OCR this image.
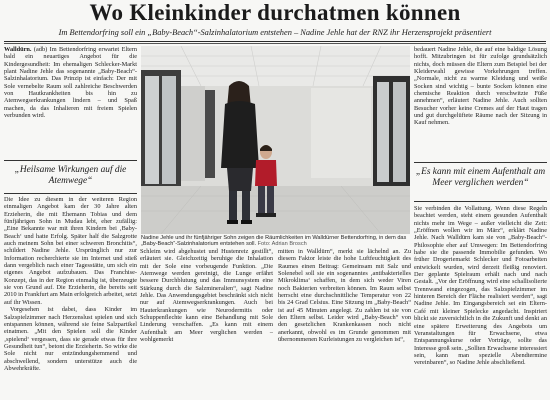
Wo Kleinkinder durchatmen können
Im Bettendorfring soll ein „Baby-Beach“-Salzinhalatorium entstehen – Nadine Jehle hat der RNZ ihr Herzensprojekt präsentiert

Walldürn. (adb) Im Bettendorfring erwartet Eltern bald ein neuartiges Angebot für die Kindergesundheit: Im ehemaligen Schlecker-Markt plant Nadine Jehle das sogenannte „Baby-Beach“-Salzinhalatorium. Das Prinzip ist einfach: Der mit Sole vernebelte Raum soll zahlreiche Beschwerden von Hautkrankheiten bis hin zu Atemwegserkrankungen lindern – und Spaß machen, da das Inhalieren mit freiem Spielen verbunden wird.

„Heilsame Wirkungen auf die Atemwege“

Die Idee zu diesem in der weiteren Region einmaligen Angebot kam der 30 Jahre alten Erzieherin, die mit Ehemann Tobias und dem fünfjährigen Sohn in Mudau lebt, eher zufällig: „Eine Bekannte war mit ihren Kindern bei ‚Baby-Beach‘ und hatte Erfolg. Später half die Salzgrotte auch meinem Sohn bei einer schweren Bronchitis“, schildert Nadine Jehle. Ursprünglich nur zur Information recherchierte sie im Internet und stieß dann vergeblich nach einer Tagesstätte, um sich ein eigenes Angebot aufzubauen. Das Franchise-Konzept, das in der Region einmalig ist, überzeugte sie von Grund auf. Die Erzieherin, die bereits seit 2010 in Frankfurt am Main erfolgreich arbeitet, setzt auf ihr Wissen.

Vorgesehen ist dabei, dass Kinder im Salzspielzimmer nach Herzenslust spielen und sich entspannen können, während sie feine Salzpartikel einatmen. „Mit den Spielen soll die Kinder ‚spielend‘ vergessen, dass sie gerade etwas für ihre Gesundheit tun“, betont die Erzieherin. So wirke die Sole nicht nur entzündungshemmend und abschwellend, sondern unterstütze auch die Abwehrkräfte.

Nadine Jehle und ihr fünfjähriger Sohn zeigen die Räumlichkeiten im Walldürner Bettendorfring, in dem das „Baby-Beach“-Salzinhalatorium entstehen soll. Foto: Adrian Brosch

Schleim wird abgehustet und Hustenreiz gestillt“, erläutert sie. Gleichzeitig beruhige die Inhalation mit der Sole eine vorbeugende Funktion. „Die Atemwege werden gereinigt, die Lunge erfährt bessere Durchblutung und das Immunsystem eine Stärkung durch die Salzmineralien“, sagt Nadine Jehle. Das Anwendungsgebiet beschränkt sich nicht nur auf Atemwegserkrankungen. Auch bei Hauterkrankungen wie Neurodermitis oder Schuppenflechte kann eine Behandlung mit Sole Linderung verschaffen. „Es kann mit einem Aufenthalt am Meer verglichen werden – wohlgemerkt

mitten in Walldürn“, merkt sie lächelnd an. Zu diesem Faktor leiste die hohe Luftfeuchtigkeit des Raumes einen Beitrag: Gemeinsam mit Salz und Solenebel soll sie ein sogenanntes ‚antibakterielles Mikroklima‘ schaffen, in dem sich weder Viren noch Bakterien verbreiten können. Im Raum selbst herrscht eine durchschnittliche Temperatur von 22 bis 24 Grad Celsius. Eine Sitzung im „Baby-Beach“ ist auf 45 Minuten angelegt. Zu zahlen ist sie von den Eltern selbst. Leider wird „Baby-Beach“ von den gesetzlichen Krankenkassen noch nicht anerkannt, obwohl es im Grunde genommen mit übernommenen Kurleistungen zu vergleichen ist“,

bedauert Nadine Jehle, die auf eine baldige Lösung hofft. Mitzubringen ist für zufolge grundsätzlich nichts, doch müssen die Eltern zum Beispiel bei der Kleiderwahl gewisse Vorkehrungen treffen. „Normale, nicht zu warme Kleidung und weiße Socken sind wichtig – bunte Socken können eine chemische Reaktion durch verschwitzte Füße annehmen“, erläutert Nadine Jehle. Auch sollten Besucher vorher keine Cremes auf der Haut tragen und gut durchgelüftete Räume nach der Sitzung in Kauf nehmen.

„Es kann mit einem Aufenthalt am Meer verglichen werden“

Sie verbinden die Vollattung. Wenn diese Regeln beachtet werden, steht einem gesunden Aufenthalt nichts mehr im Wege – außer vielleicht die Zeit: „Eröffnen wollen wir im März“, erklärt Nadine Jehle. Nach Walldürn kam sie von „Baby-Beach“-Philosophie eher auf Umwegen: Im Bettendorfring habe sie die passende Immobilie gefunden. Wo früher Drogeriemarkt Schlecker und Fotoarbeiten entwickelt wurden, wird derzeit fleißig renoviert. Der geplante Spielraum erhält nach und nach Gestalt. „Vor der Eröffnung wird eine schallisolierte Trennwand eingezogen, das Salzspielzimmer im hinteren Bereich der Fläche realisiert werden“, sagt Nadine Jehle. Im Eingangsbereich sei ein Eltern-Café mit kleiner Spielecke angedacht. Inspiriert blickt sie zuversichtlich in die Zukunft und denkt an eine spätere Erweiterung des Angebots um Veranstaltungen für Erwachsene, etwa Entspannungskurse oder Vorträge, sollte das Interesse groß sein. „Sollten Erwachsene interessiert sein, kann man spezielle Abendtermine vereinbaren“, so Nadine Jehle abschließend.
